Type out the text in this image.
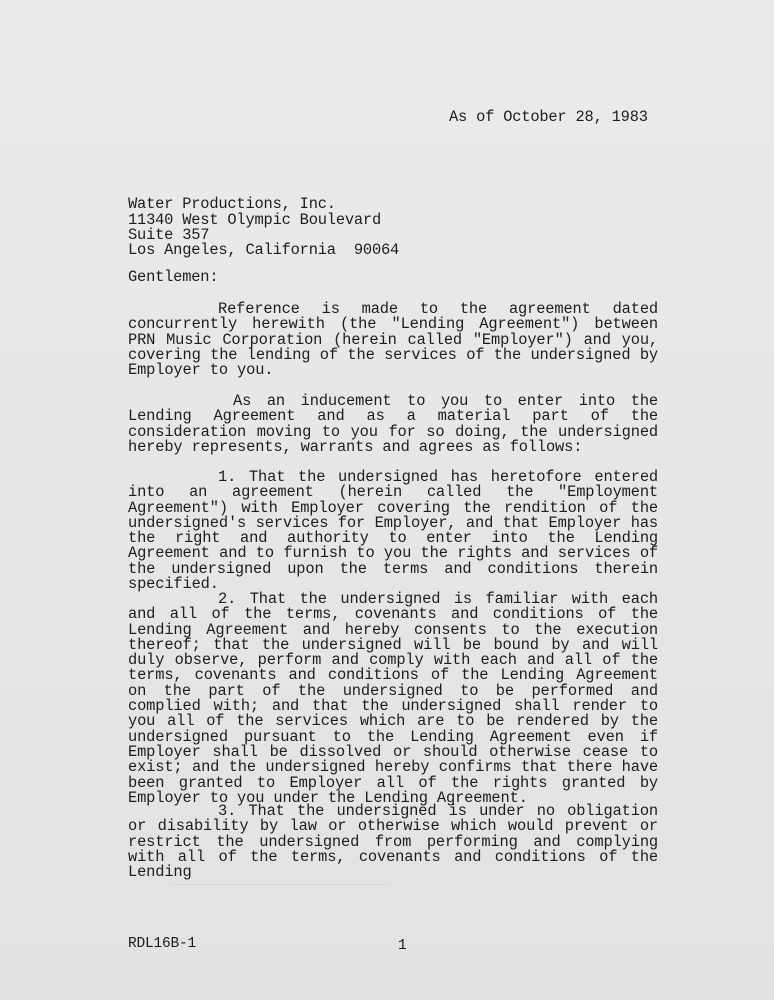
As of October 28, 1983
Water Productions, Inc.
11340 West Olympic Boulevard
Suite 357
Los Angeles, California  90064
Gentlemen:
Reference is made to the agreement dated concurrently herewith (the "Lending Agreement") between PRN Music Corporation (herein called "Employer") and you, covering the lending of the services of the undersigned by Employer to you.
As an inducement to you to enter into the Lending Agreement and as a material part of the consideration moving to you for so doing, the undersigned hereby represents, warrants and agrees as follows:
1. That the undersigned has heretofore entered into an agreement (herein called the "Employment Agreement") with Employer covering the rendition of the undersigned's services for Employer, and that Employer has the right and authority to enter into the Lending Agreement and to furnish to you the rights and services of the undersigned upon the terms and conditions therein specified.
2. That the undersigned is familiar with each and all of the terms, covenants and conditions of the Lending Agreement and hereby consents to the execution thereof; that the undersigned will be bound by and will duly observe, perform and comply with each and all of the terms, covenants and conditions of the Lending Agreement on the part of the undersigned to be performed and complied with; and that the undersigned shall render to you all of the services which are to be rendered by the undersigned pursuant to the Lending Agreement even if Employer shall be dissolved or should otherwise cease to exist; and the undersigned hereby confirms that there have been granted to Employer all of the rights granted by Employer to you under the Lending Agreement.
3. That the undersigned is under no obligation or disability by law or otherwise which would prevent or restrict the undersigned from performing and complying with all of the terms, covenants and conditions of the Lending
RDL16B-1	1
